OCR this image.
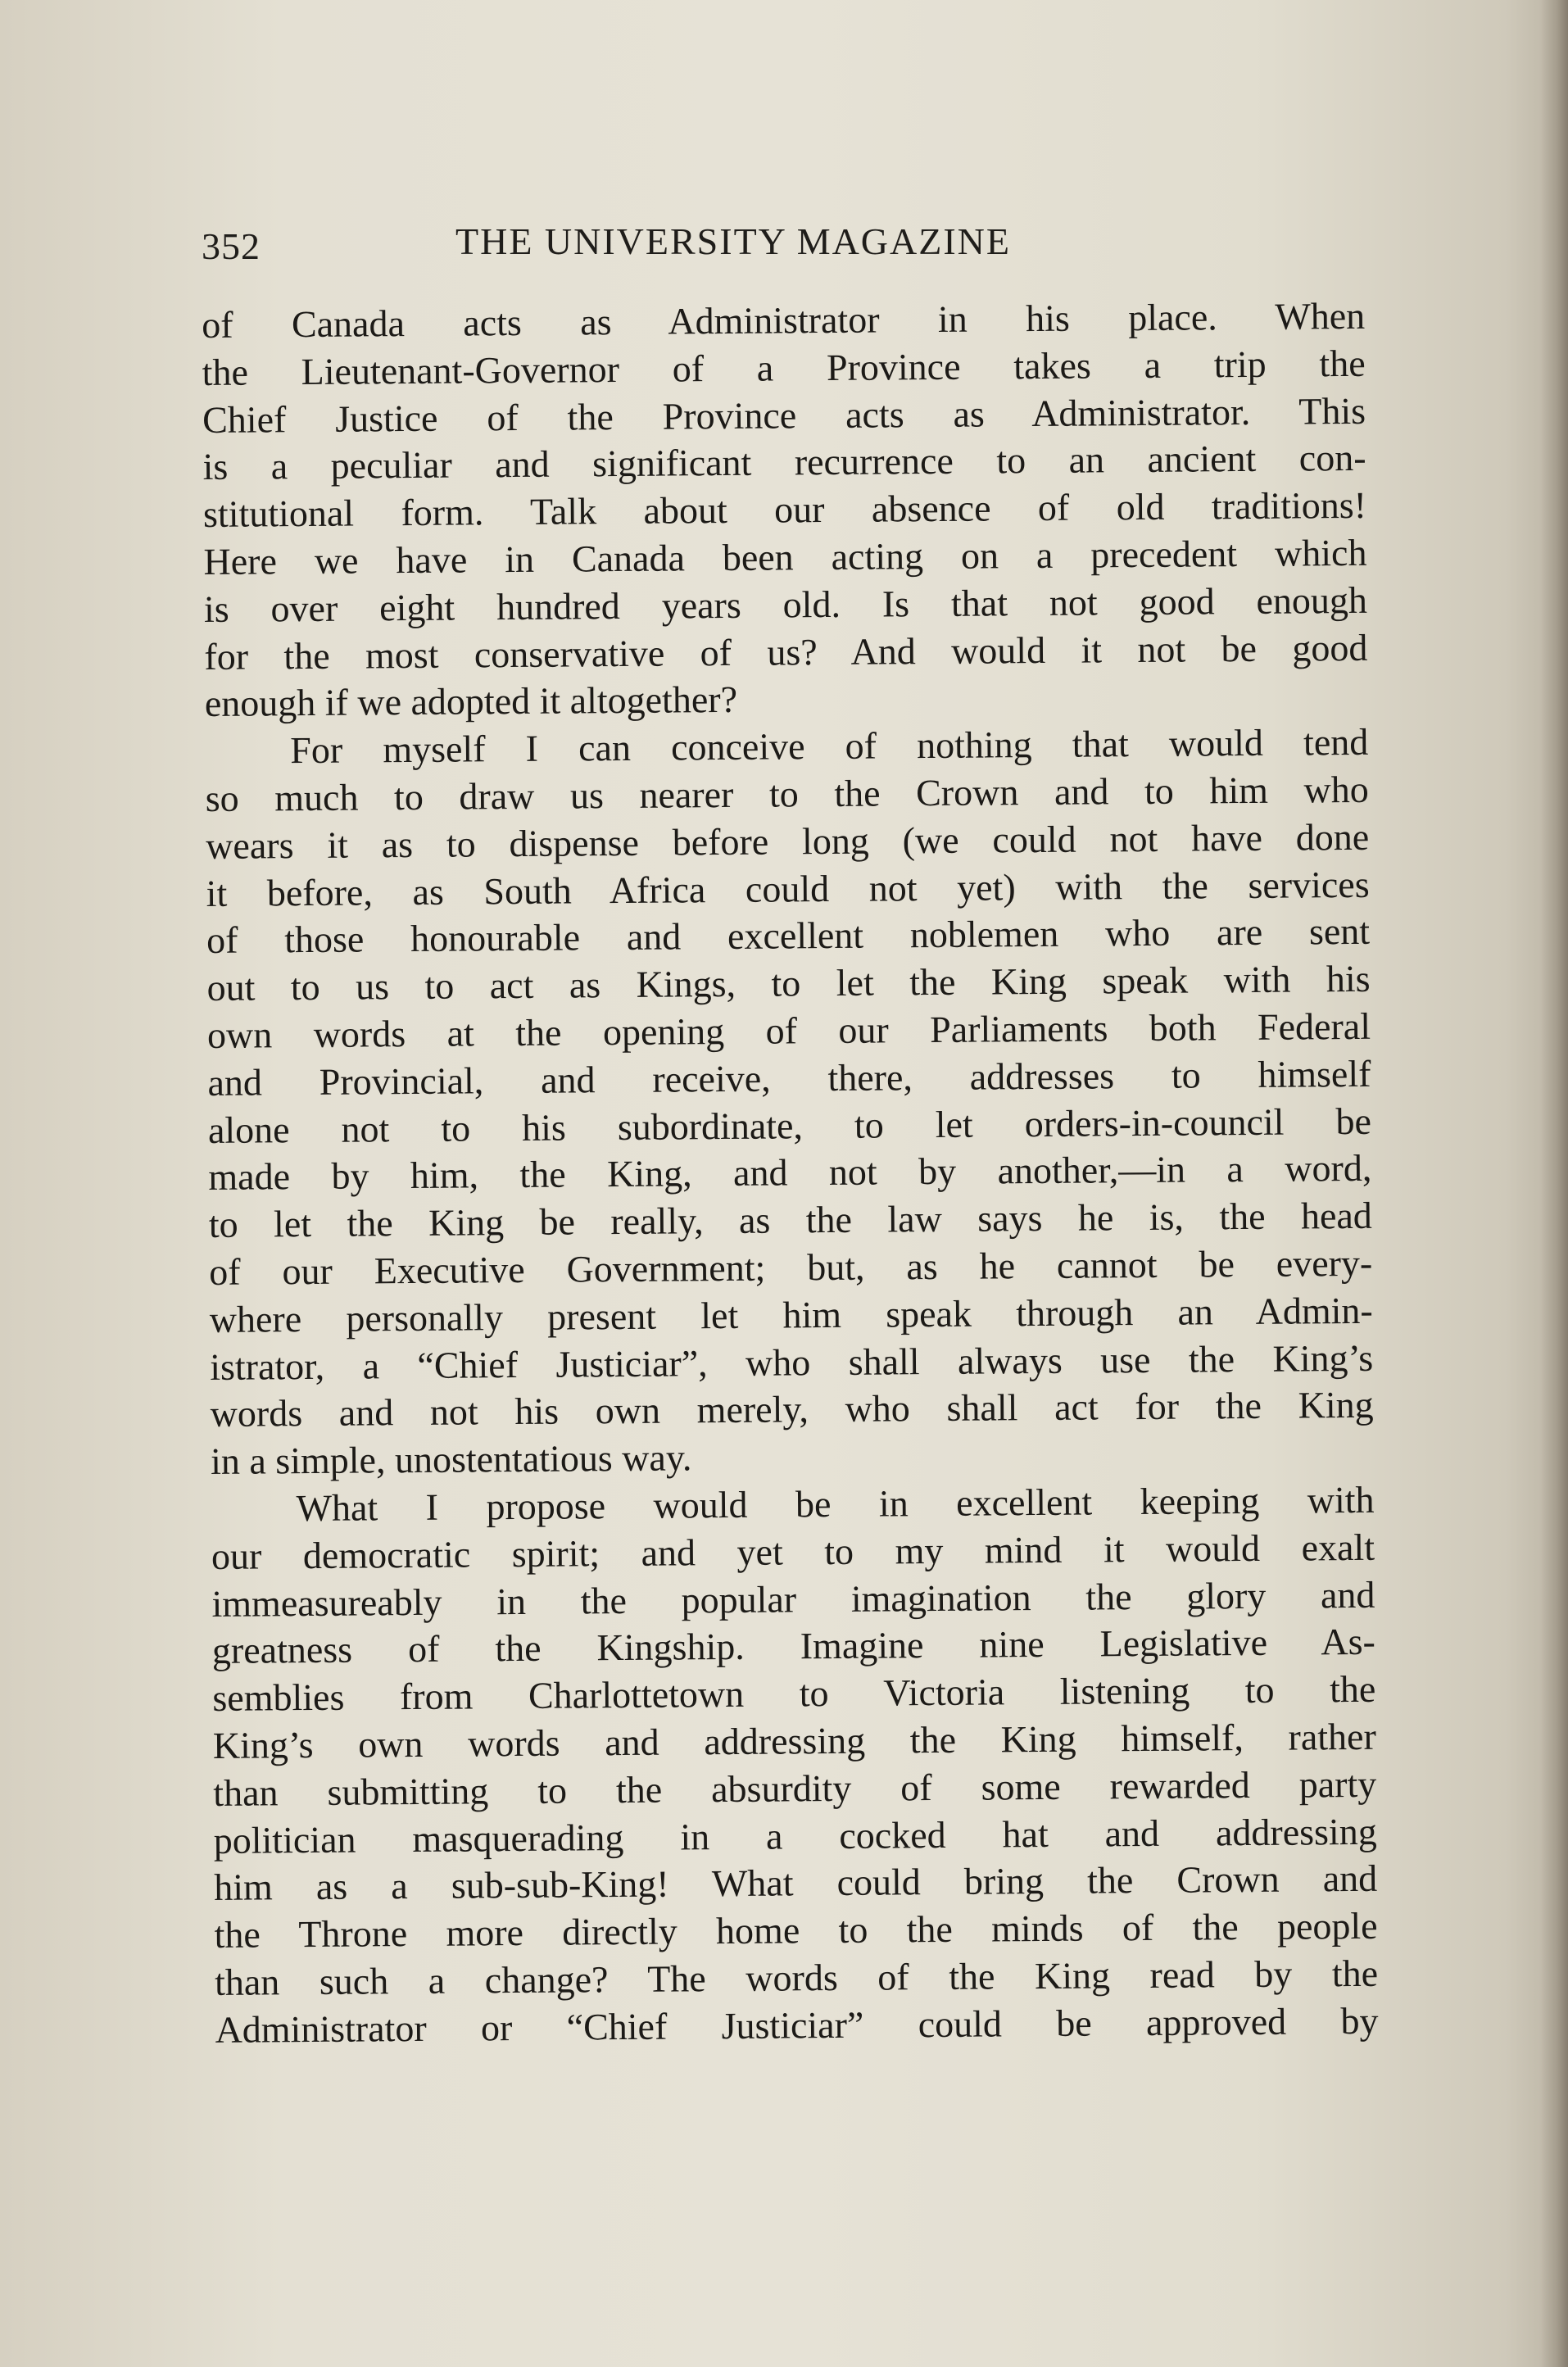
352	THE UNIVERSITY MAGAZINE
of Canada acts as Administrator in his place. When
the Lieutenant-Governor of a Province takes a trip the
Chief Justice of the Province acts as Administrator. This
is a peculiar and significant recurrence to an ancient con-
stitutional form. Talk about our absence of old traditions!
Here we have in Canada been acting on a precedent which
is over eight hundred years old. Is that not good enough
for the most conservative of us? And would it not be good
enough if we adopted it altogether?
For myself I can conceive of nothing that would tend
so much to draw us nearer to the Crown and to him who
wears it as to dispense before long (we could not have done
it before, as South Africa could not yet) with the services
of those honourable and excellent noblemen who are sent
out to us to act as Kings, to let the King speak with his
own words at the opening of our Parliaments both Federal
and Provincial, and receive, there, addresses to himself
alone not to his subordinate, to let orders-in-council be
made by him, the King, and not by another,—in a word,
to let the King be really, as the law says he is, the head
of our Executive Government; but, as he cannot be every-
where personally present let him speak through an Admin-
istrator, a “Chief Justiciar”, who shall always use the King’s
words and not his own merely, who shall act for the King
in a simple, unostentatious way.
What I propose would be in excellent keeping with
our democratic spirit; and yet to my mind it would exalt
immeasureably in the popular imagination the glory and
greatness of the Kingship. Imagine nine Legislative As-
semblies from Charlottetown to Victoria listening to the
King’s own words and addressing the King himself, rather
than submitting to the absurdity of some rewarded party
politician masquerading in a cocked hat and addressing
him as a sub-sub-King! What could bring the Crown and
the Throne more directly home to the minds of the people
than such a change? The words of the King read by the
Administrator or “Chief Justiciar” could be approved by
